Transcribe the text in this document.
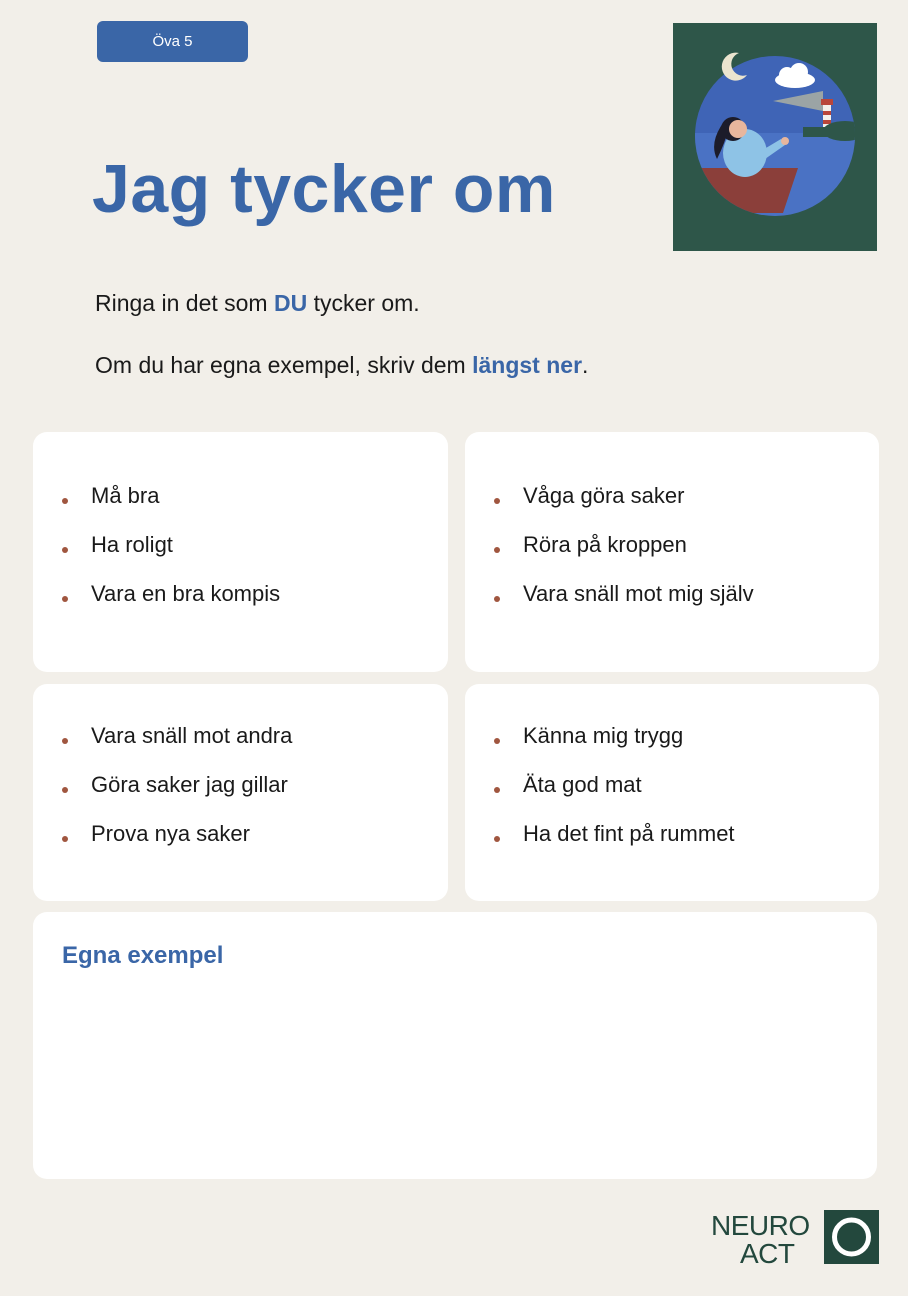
Öva 5
Jag tycker om
Ringa in det som DU tycker om.
Om du har egna exempel, skriv dem längst ner.
Må bra
Ha roligt
Vara en bra kompis
Våga göra saker
Röra på kroppen
Vara snäll mot mig själv
Vara snäll mot andra
Göra saker jag gillar
Prova nya saker
Känna mig trygg
Äta god mat
Ha det fint på rummet
Egna exempel
NEURO
ACT
